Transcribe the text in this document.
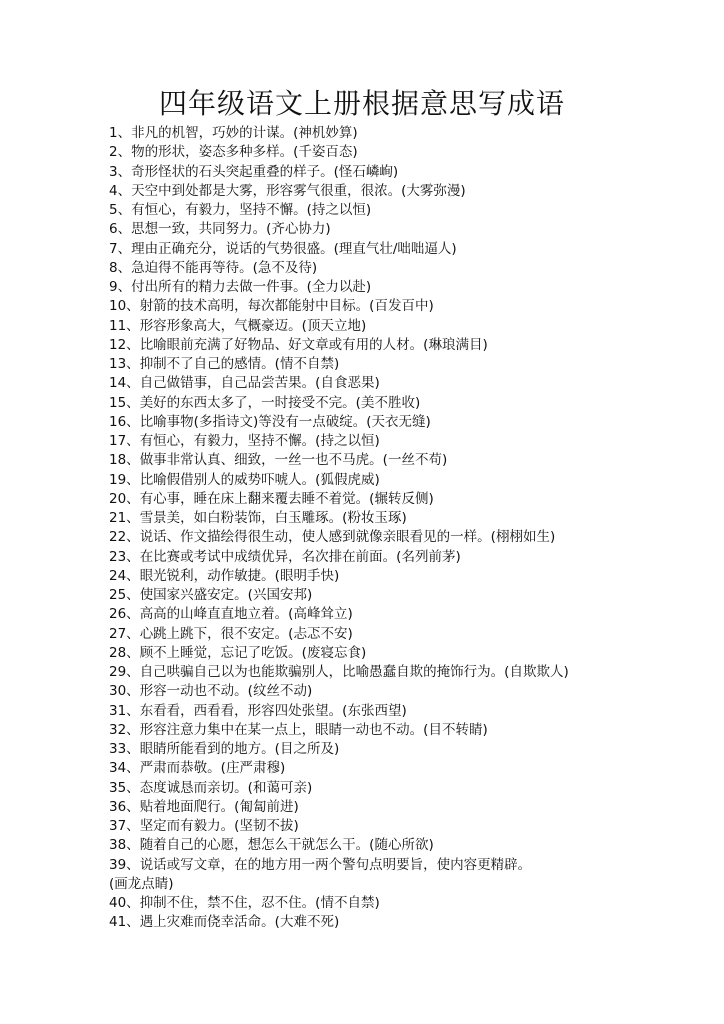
四年级语文上册根据意思写成语
1、非凡的机智，巧妙的计谋。(神机妙算)
2、物的形状，姿态多种多样。(千姿百态)
3、奇形怪状的石头突起重叠的样子。(怪石嶙峋)
4、天空中到处都是大雾，形容雾气很重，很浓。(大雾弥漫)
5、有恒心，有毅力，坚持不懈。(持之以恒)
6、思想一致，共同努力。(齐心协力)
7、理由正确充分，说话的气势很盛。(理直气壮/咄咄逼人)
8、急迫得不能再等待。(急不及待)
9、付出所有的精力去做一件事。(全力以赴)
10、射箭的技术高明，每次都能射中目标。(百发百中)
11、形容形象高大，气概豪迈。(顶天立地)
12、比喻眼前充满了好物品、好文章或有用的人材。(琳琅满目)
13、抑制不了自己的感情。(情不自禁)
14、自己做错事，自己品尝苦果。(自食恶果)
15、美好的东西太多了，一时接受不完。(美不胜收)
16、比喻事物(多指诗文)等没有一点破绽。(天衣无缝)
17、有恒心，有毅力，坚持不懈。(持之以恒)
18、做事非常认真、细致，一丝一也不马虎。(一丝不苟)
19、比喻假借别人的威势吓唬人。(狐假虎威)
20、有心事，睡在床上翻来覆去睡不着觉。(辗转反侧)
21、雪景美，如白粉装饰，白玉雕琢。(粉妆玉琢)
22、说话、作文描绘得很生动，使人感到就像亲眼看见的一样。(栩栩如生)
23、在比赛或考试中成绩优异，名次排在前面。(名列前茅)
24、眼光锐利，动作敏捷。(眼明手快)
25、使国家兴盛安定。(兴国安邦)
26、高高的山峰直直地立着。(高峰耸立)
27、心跳上跳下，很不安定。(忐忑不安)
28、顾不上睡觉，忘记了吃饭。(废寝忘食)
29、自己哄骗自己以为也能欺骗别人，比喻愚蠢自欺的掩饰行为。(自欺欺人)
30、形容一动也不动。(纹丝不动)
31、东看看，西看看，形容四处张望。(东张西望)
32、形容注意力集中在某一点上，眼睛一动也不动。(目不转睛)
33、眼睛所能看到的地方。(目之所及)
34、严肃而恭敬。(庄严肃穆)
35、态度诚恳而亲切。(和蔼可亲)
36、贴着地面爬行。(匍匐前进)
37、坚定而有毅力。(坚韧不拔)
38、随着自己的心愿，想怎么干就怎么干。(随心所欲)
39、说话或写文章，在的地方用一两个警句点明要旨，使内容更精辟。
(画龙点睛)
40、抑制不住，禁不住，忍不住。(情不自禁)
41、遇上灾难而侥幸活命。(大难不死)
